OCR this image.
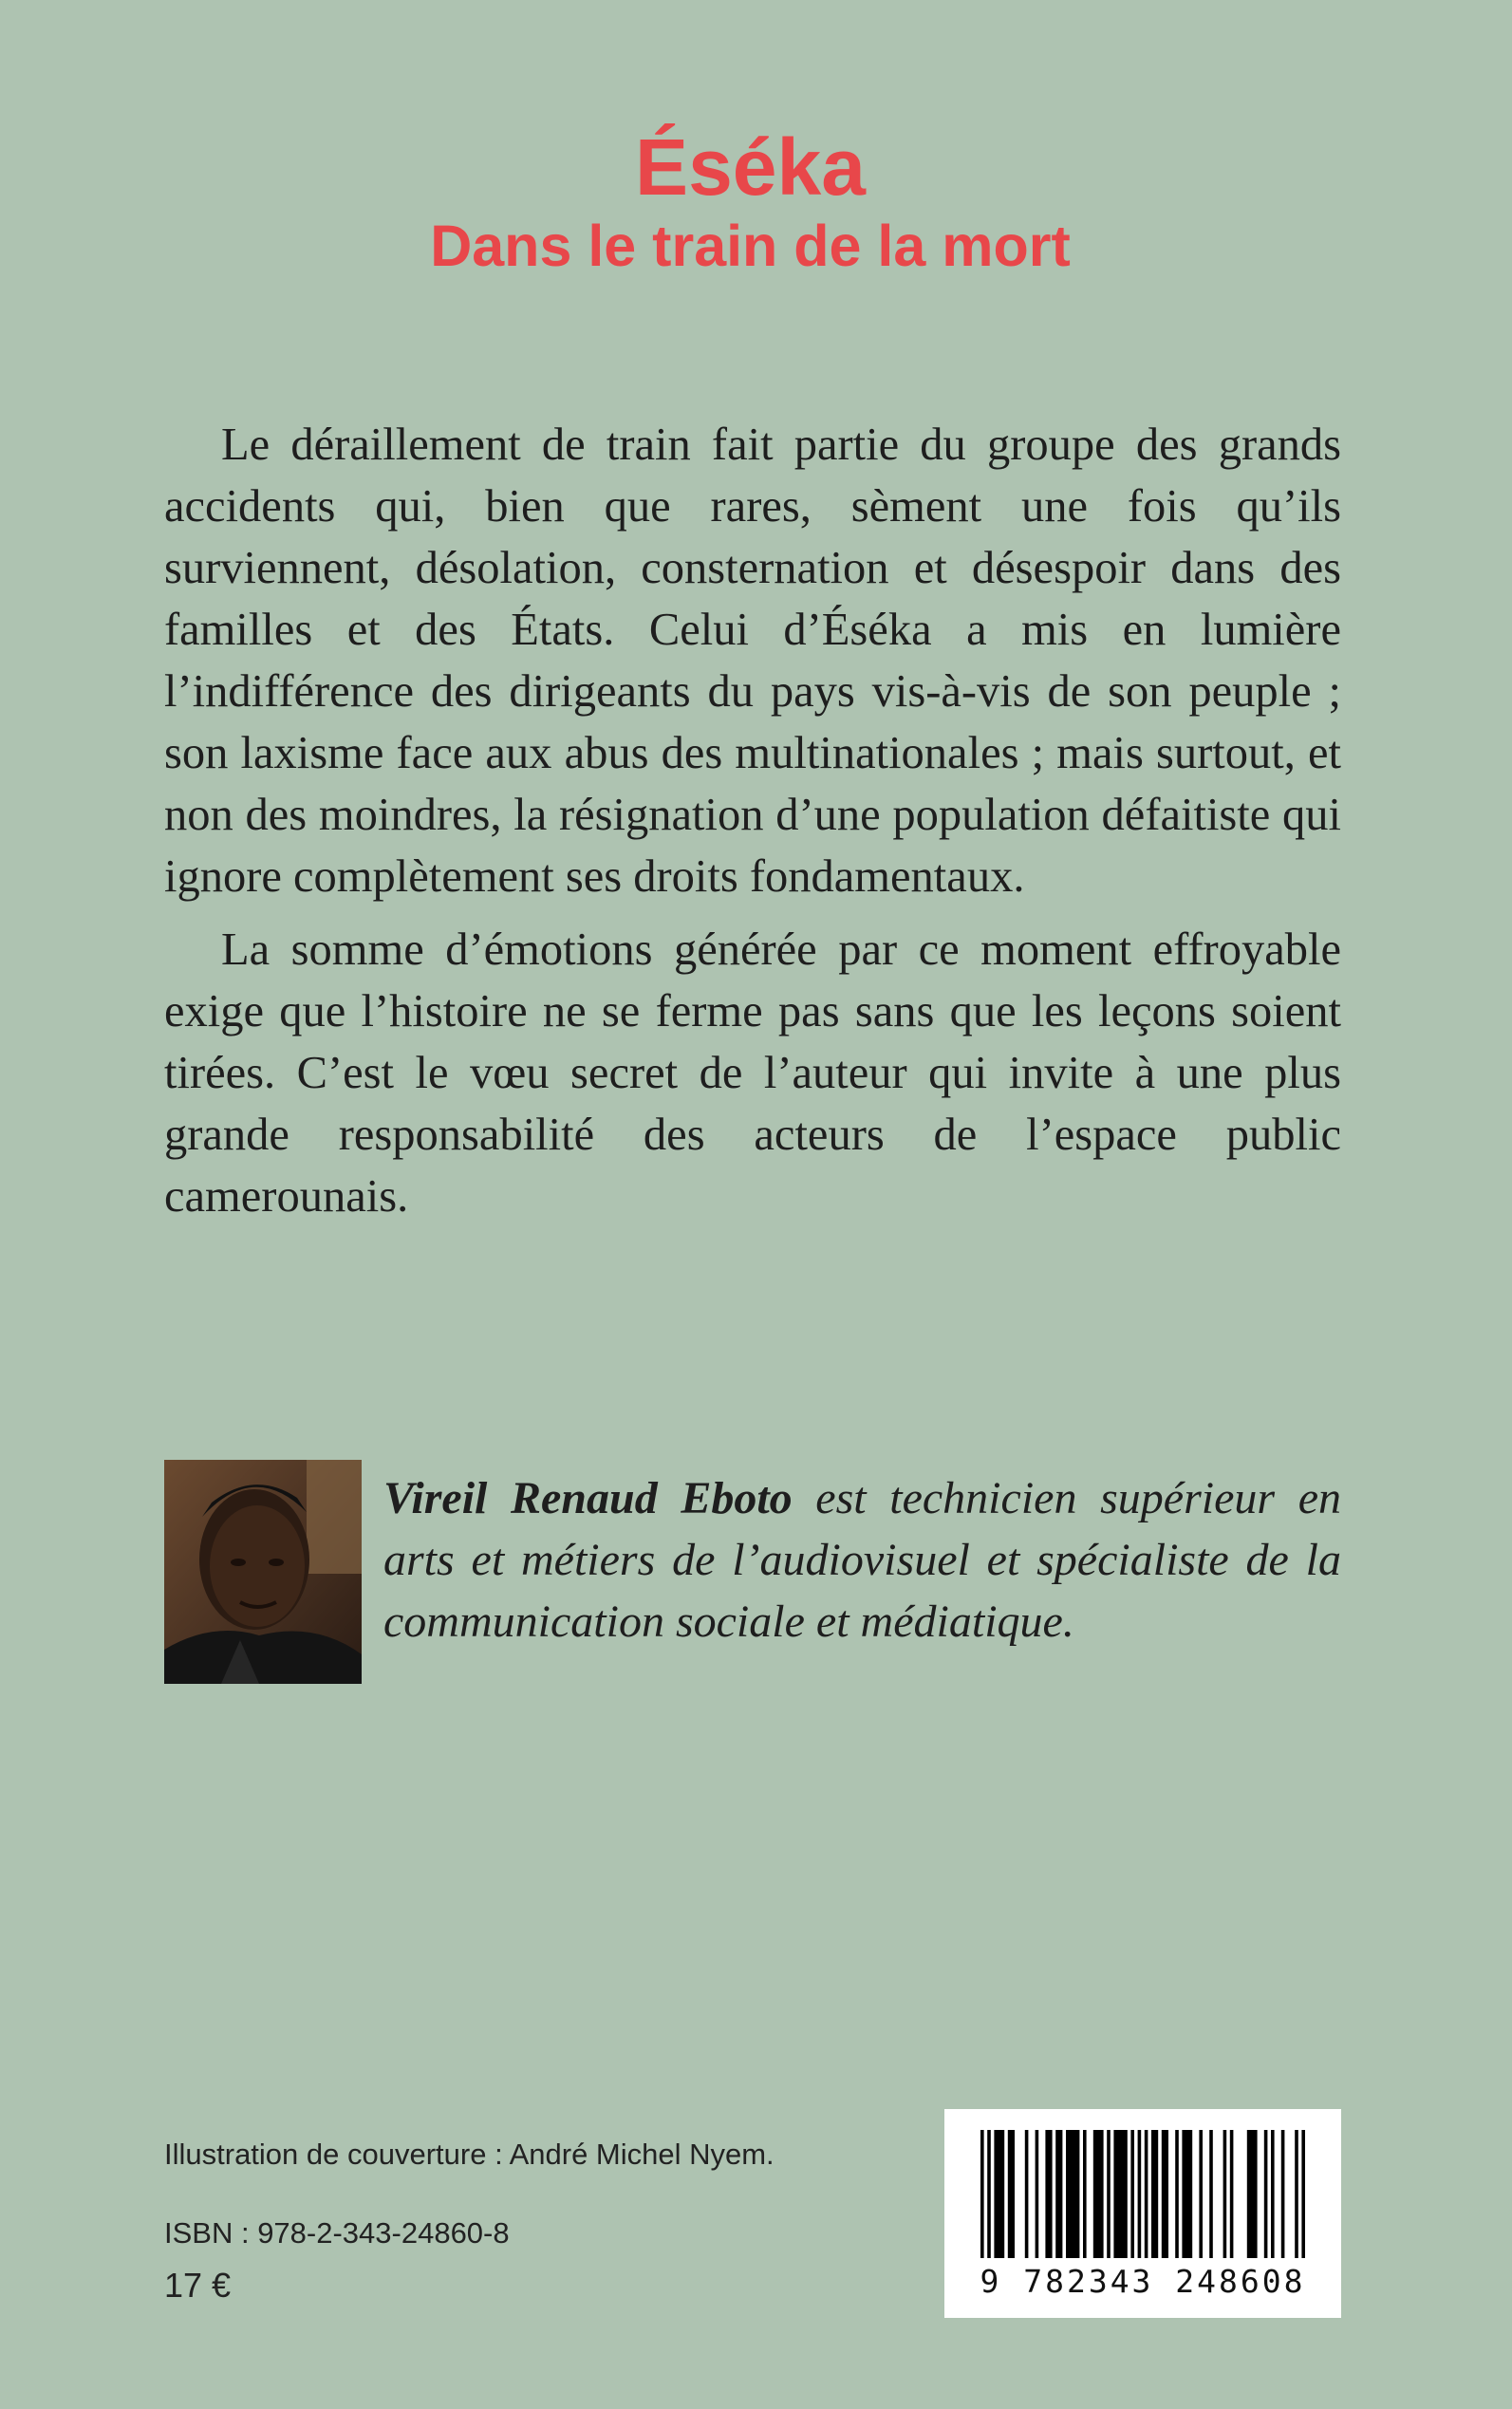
Éséka
Dans le train de la mort

Le déraillement de train fait partie du groupe des grands accidents qui, bien que rares, sèment une fois qu’ils surviennent, désolation, consternation et désespoir dans des familles et des États. Celui d’Éséka a mis en lumière l’indifférence des dirigeants du pays vis-à-vis de son peuple ; son laxisme face aux abus des multinationales ; mais surtout, et non des moindres, la résignation d’une population défaitiste qui ignore complètement ses droits fondamentaux.

La somme d’émotions générée par ce moment effroyable exige que l’histoire ne se ferme pas sans que les leçons soient tirées. C’est le vœu secret de l’auteur qui invite à une plus grande responsabilité des acteurs de l’espace public camerounais.

Vireil Renaud Eboto est technicien supérieur en arts et métiers de l’audiovisuel et spécialiste de la communication sociale et médiatique.
Illustration de couverture : André Michel Nyem.
ISBN : 978-2-343-24860-8
17 €	9 782343 248608
